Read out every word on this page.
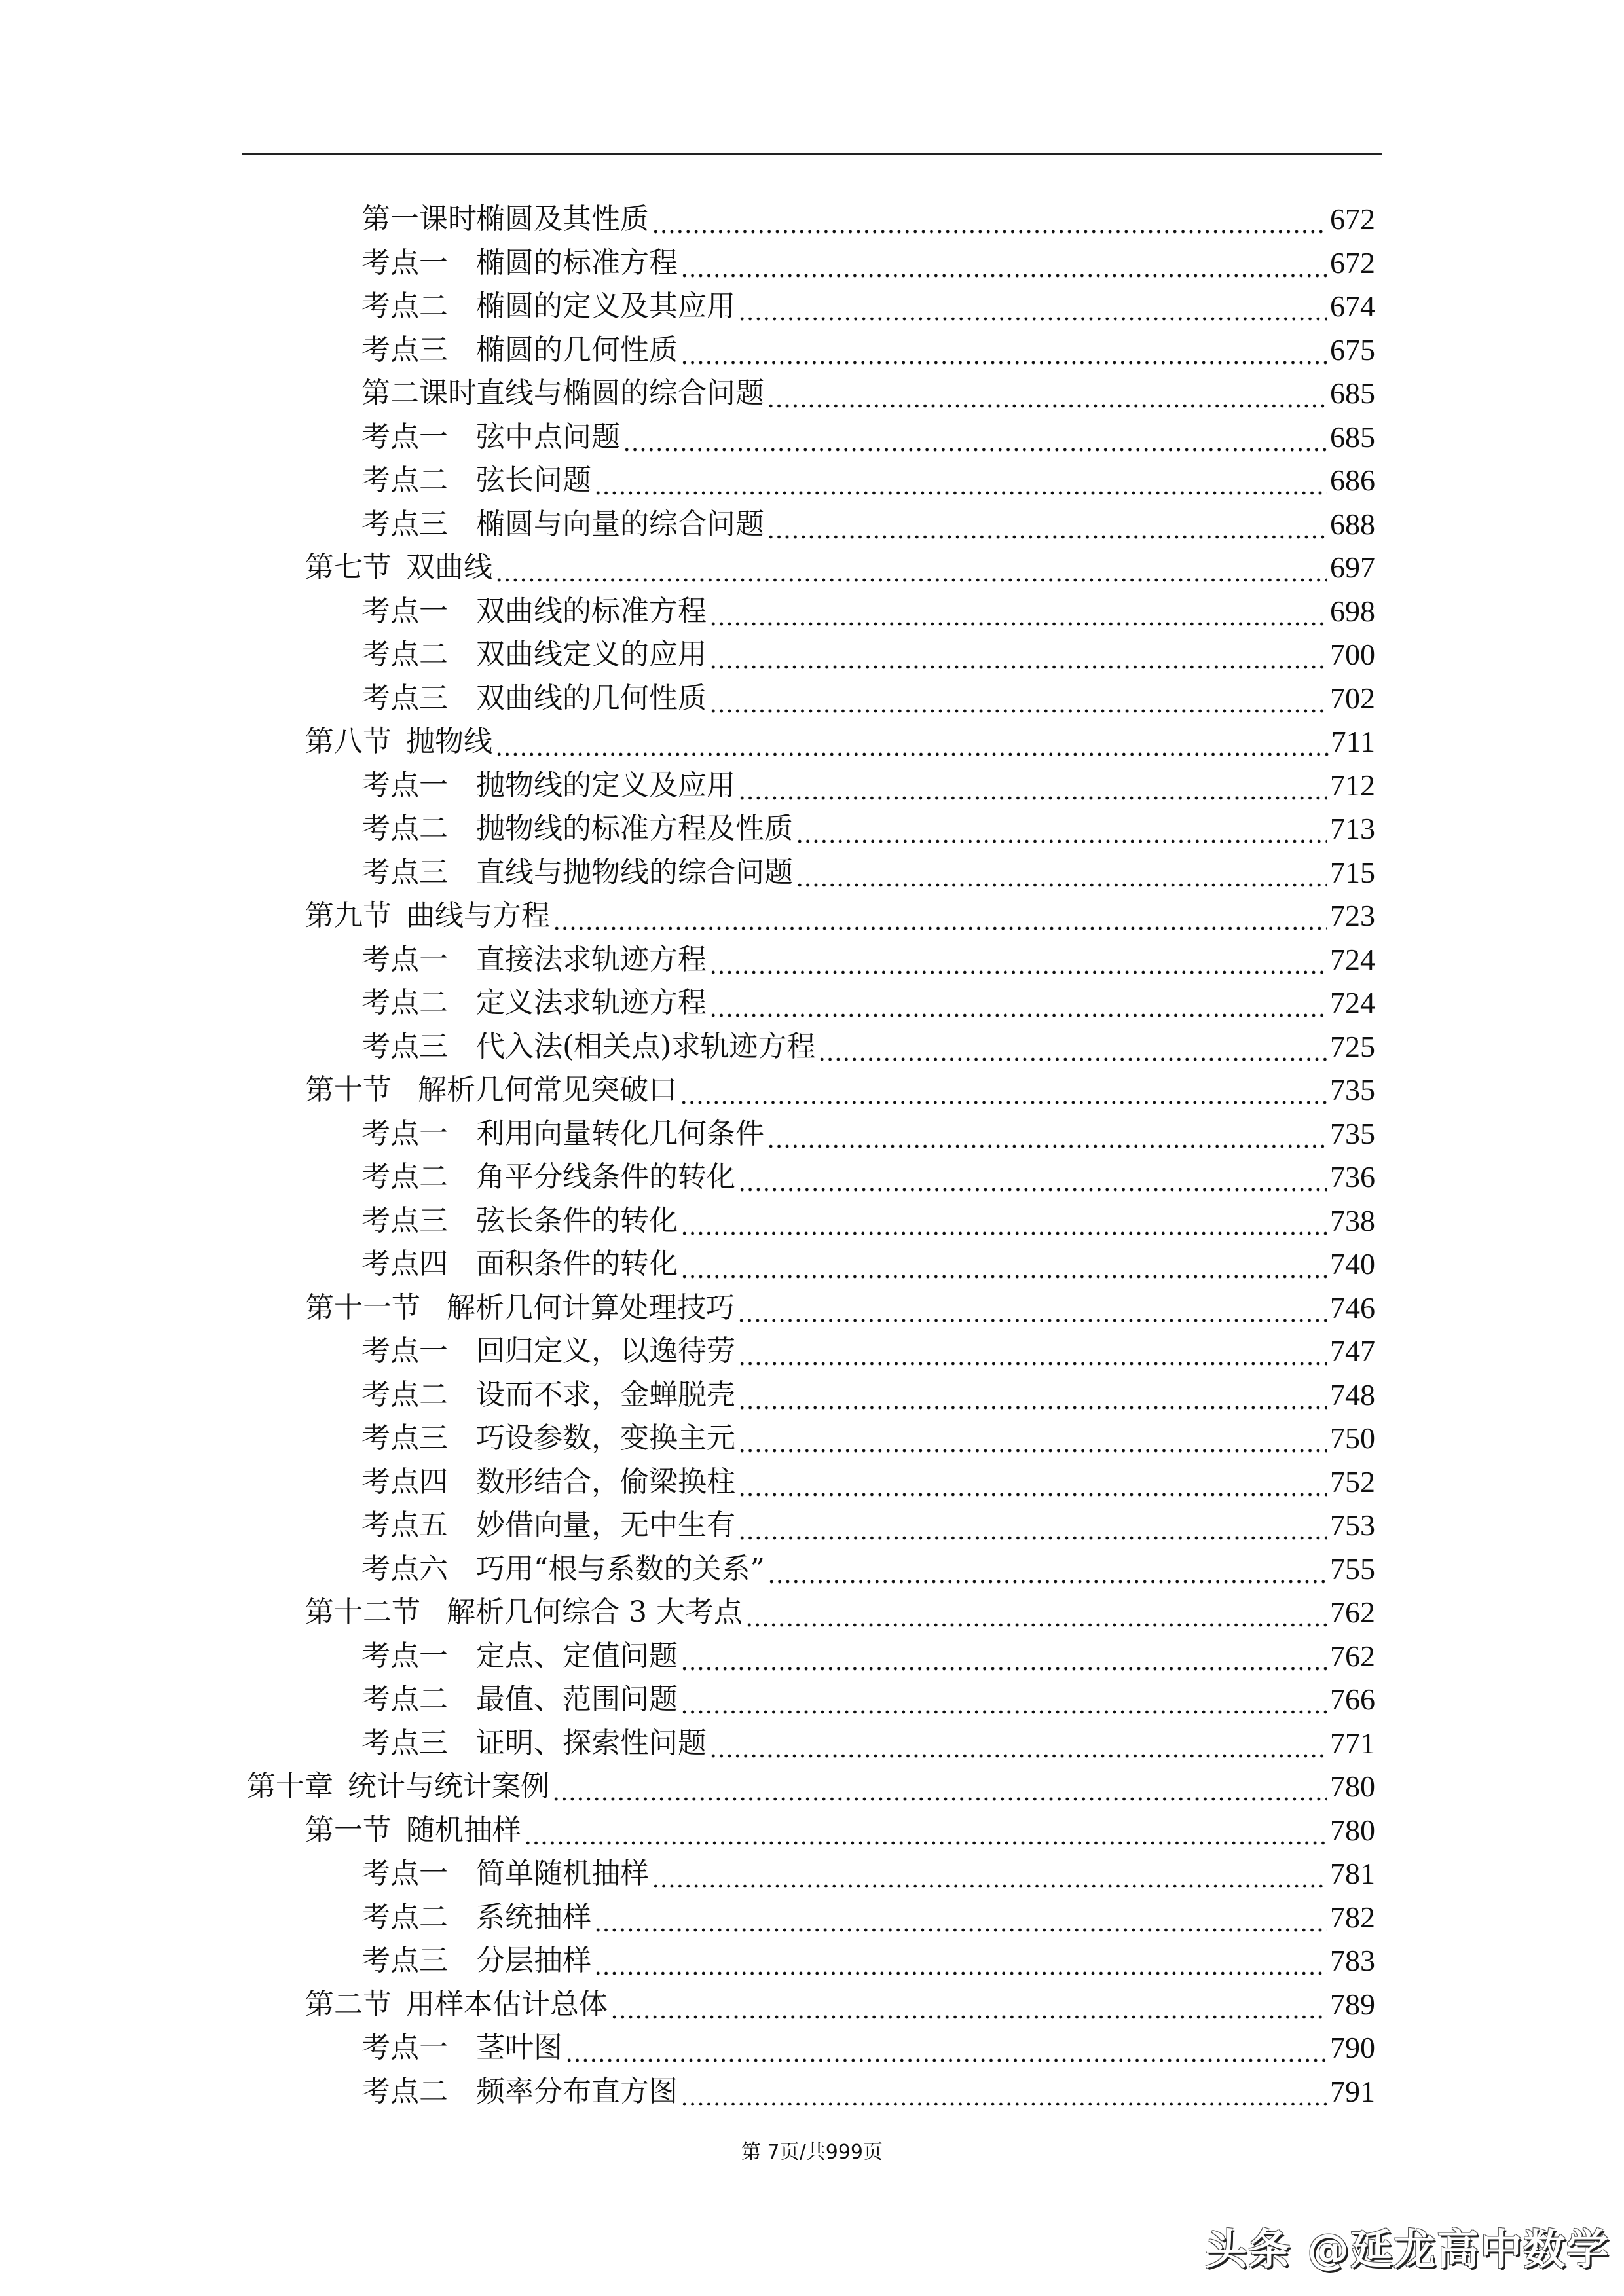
第一课时 椭圆及其性质	672
考点一 椭圆的标准方程	672
考点二 椭圆的定义及其应用	674
考点三 椭圆的几何性质	675
第二课时 直线与椭圆的综合问题	685
考点一 弦中点问题	685
考点二 弦长问题	686
考点三 椭圆与向量的综合问题	688
第七节 双曲线	697
考点一 双曲线的标准方程	698
考点二 双曲线定义的应用	700
考点三 双曲线的几何性质	702
第八节 抛物线	711
考点一 抛物线的定义及应用	712
考点二 抛物线的标准方程及性质	713
考点三 直线与抛物线的综合问题	715
第九节 曲线与方程	723
考点一 直接法求轨迹方程	724
考点二 定义法求轨迹方程	724
考点三 代入法(相关点)求轨迹方程	725
第十节 解析几何常见突破口	735
考点一 利用向量转化几何条件	735
考点二 角平分线条件的转化	736
考点三 弦长条件的转化	738
考点四 面积条件的转化	740
第十一节 解析几何计算处理技巧	746
考点一 回归定义，以逸待劳	747
考点二 设而不求，金蝉脱壳	748
考点三 巧设参数，变换主元	750
考点四 数形结合，偷梁换柱	752
考点五 妙借向量，无中生有	753
考点六 巧用“根与系数的关系”	755
第十二节 解析几何综合 3 大考点	762
考点一 定点、定值问题	762
考点二 最值、范围问题	766
考点三 证明、探索性问题	771
第十章 统计与统计案例	780
第一节 随机抽样	780
考点一 简单随机抽样	781
考点二 系统抽样	782
考点三 分层抽样	783
第二节 用样本估计总体	789
考点一 茎叶图	790
考点二 频率分布直方图	791
第 7页/共999页
头条 @延龙高中数学
